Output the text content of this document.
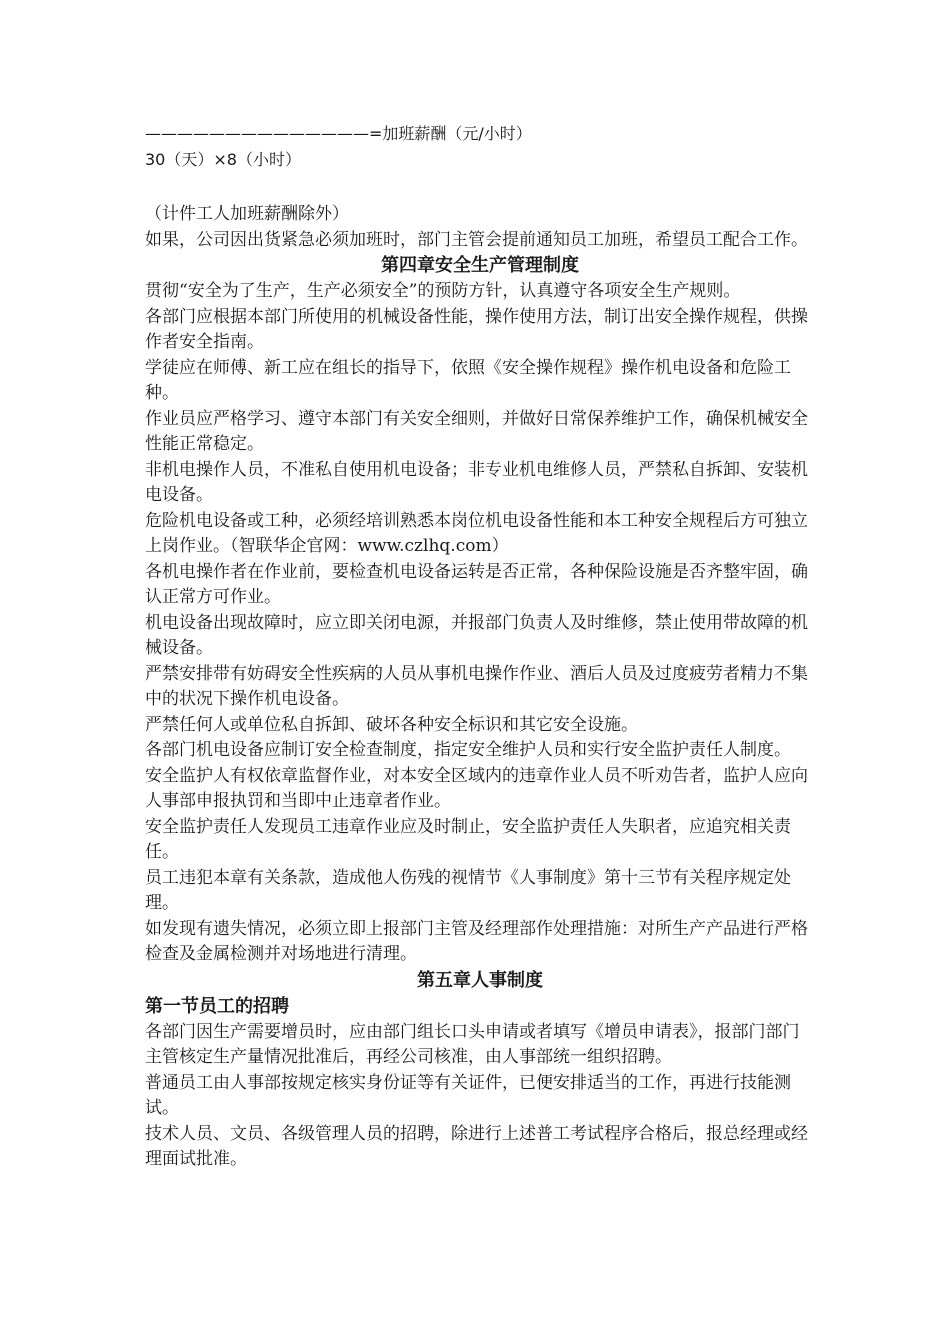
——————————————=加班薪酬（元/小时）
30（天）×8（小时）

（计件工人加班薪酬除外）

如果，公司因出货紧急必须加班时，部门主管会提前通知员工加班，希望员工配合工作。

第四章安全生产管理制度

贯彻“安全为了生产，生产必须安全”的预防方针，认真遵守各项安全生产规则。

各部门应根据本部门所使用的机械设备性能，操作使用方法，制订出安全操作规程，供操作者安全指南。

学徒应在师傅、新工应在组长的指导下，依照《安全操作规程》操作机电设备和危险工种。

作业员应严格学习、遵守本部门有关安全细则，并做好日常保养维护工作，确保机械安全性能正常稳定。

非机电操作人员，不准私自使用机电设备；非专业机电维修人员，严禁私自拆卸、安装机电设备。

危险机电设备或工种，必须经培训熟悉本岗位机电设备性能和本工种安全规程后方可独立上岗作业。（智联华企官网：www.czlhq.com）

各机电操作者在作业前，要检查机电设备运转是否正常，各种保险设施是否齐整牢固，确认正常方可作业。

机电设备出现故障时，应立即关闭电源，并报部门负责人及时维修，禁止使用带故障的机械设备。

严禁安排带有妨碍安全性疾病的人员从事机电操作作业、酒后人员及过度疲劳者精力不集中的状况下操作机电设备。

严禁任何人或单位私自拆卸、破坏各种安全标识和其它安全设施。

各部门机电设备应制订安全检查制度，指定安全维护人员和实行安全监护责任人制度。

安全监护人有权依章监督作业，对本安全区域内的违章作业人员不听劝告者，监护人应向人事部申报执罚和当即中止违章者作业。

安全监护责任人发现员工违章作业应及时制止，安全监护责任人失职者，应追究相关责任。

员工违犯本章有关条款，造成他人伤残的视情节《人事制度》第十三节有关程序规定处理。

如发现有遗失情况，必须立即上报部门主管及经理部作处理措施：对所生产产品进行严格检查及金属检测并对场地进行清理。

第五章人事制度
第一节员工的招聘

各部门因生产需要增员时，应由部门组长口头申请或者填写《增员申请表》，报部门部门主管核定生产量情况批准后，再经公司核准，由人事部统一组织招聘。

普通员工由人事部按规定核实身份证等有关证件，已便安排适当的工作，再进行技能测试。

技术人员、文员、各级管理人员的招聘，除进行上述普工考试程序合格后，报总经理或经理面试批准。
